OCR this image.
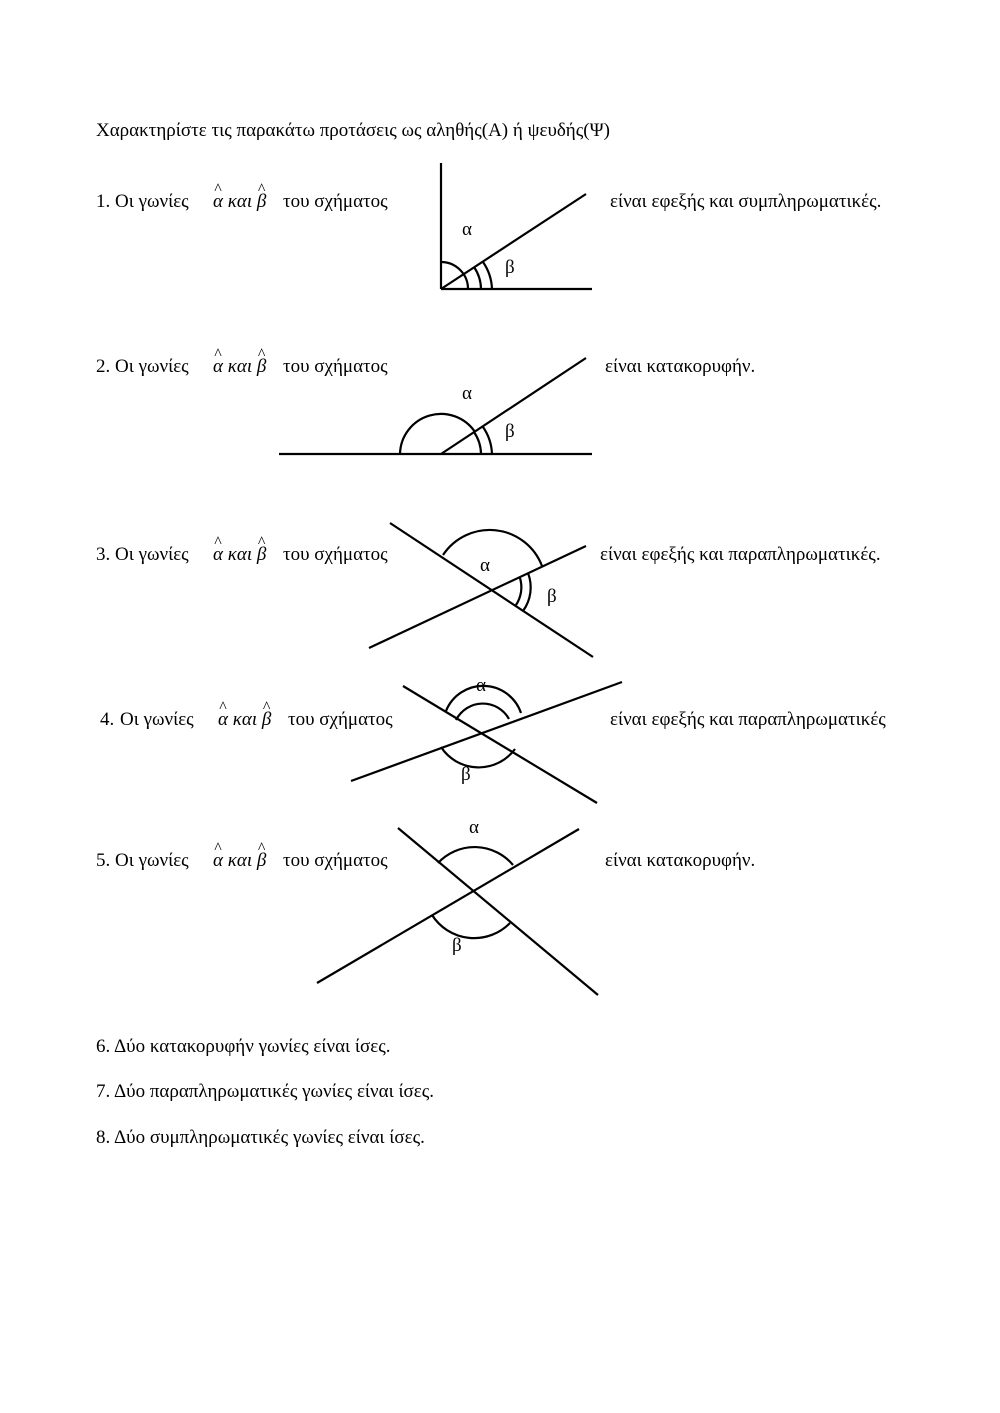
Χαρακτηρίστε τις παρακάτω προτάσεις ως αληθής(Α) ή ψευδής(Ψ)
1. Οι γωνίες ^ α και ^ β του σχήματος	είναι εφεξής και συμπληρωματικές.
2. Οι γωνίες ^ α και ^ β του σχήματος	είναι κατακορυφήν.
3. Οι γωνίες ^ α και ^ β του σχήματος	είναι εφεξής και παραπληρωματικές.
4. Οι γωνίες ^ α και ^ β του σχήματος	είναι εφεξής και παραπληρωματικές
5. Οι γωνίες ^ α και ^ β του σχήματος	είναι κατακορυφήν.
6. Δύο κατακορυφήν γωνίες είναι ίσες.
7. Δύο παραπληρωματικές γωνίες είναι ίσες.
8. Δύο συμπληρωματικές γωνίες είναι ίσες.
α
β
α
β
α
β
α
β
α
β
